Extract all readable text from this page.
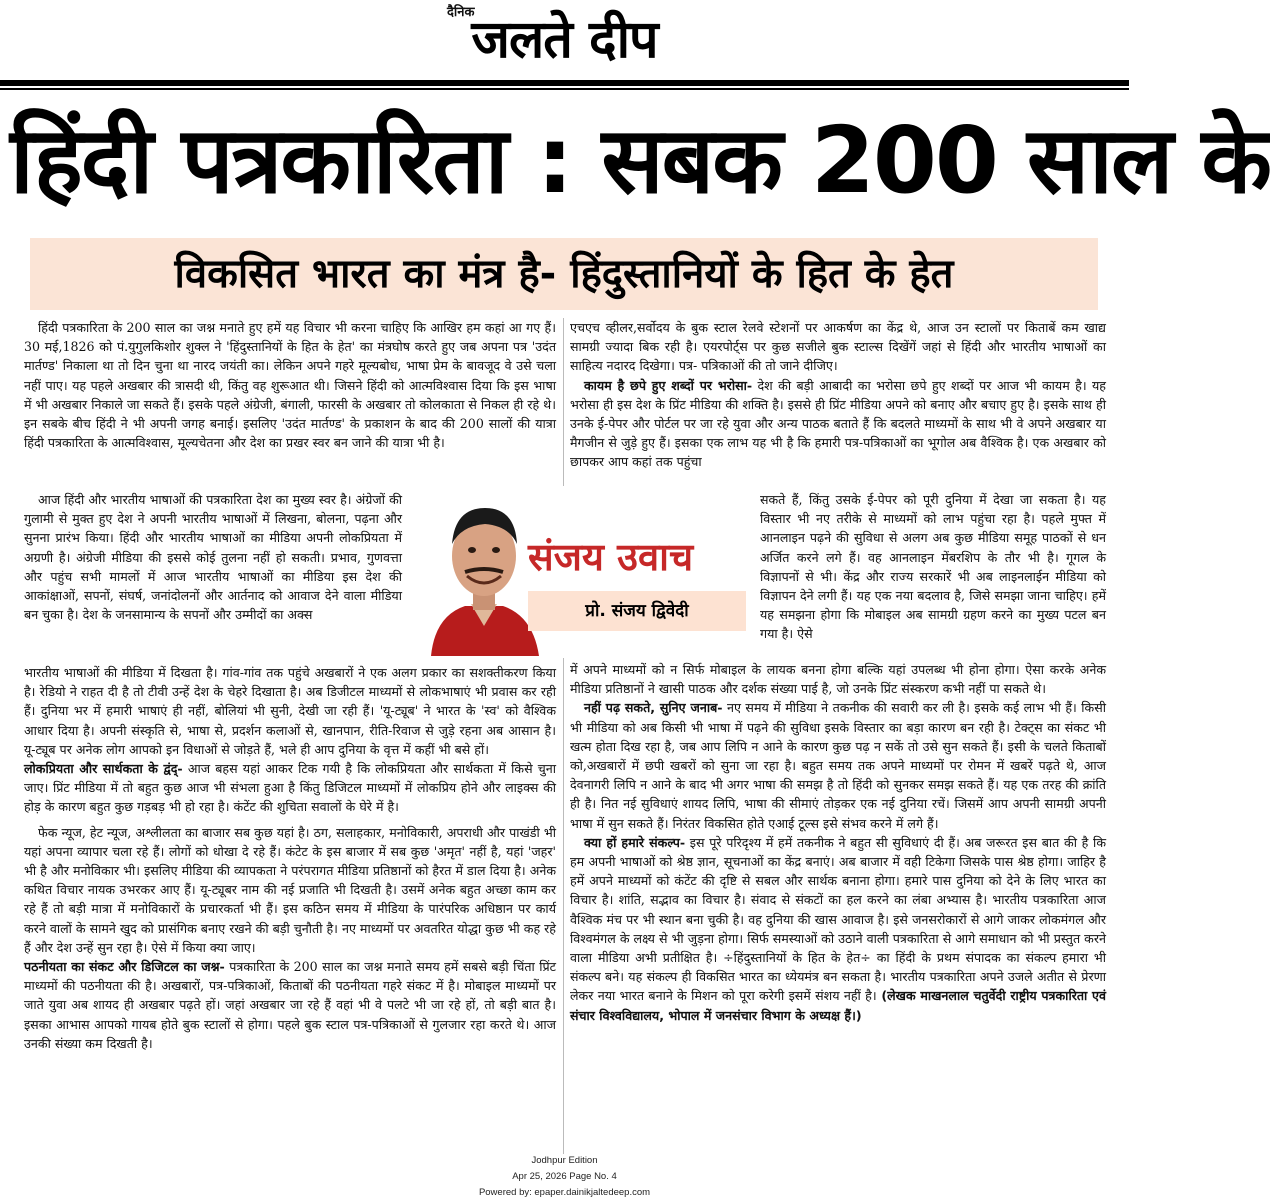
दैनिक
जलते दीप
हिंदी पत्रकारिता : सबक 200 साल के
विकसित भारत का मंत्र है- हिंदुस्तानियों के हित के हेत

हिंदी पत्रकारिता के 200 साल का जश्न मनाते हुए हमें यह विचार भी करना चाहिए कि आखिर हम कहां आ गए हैं। 30 मई,1826 को पं.युगुलकिशोर शुक्ल ने 'हिंदुस्तानियों के हित के हेत' का मंत्रघोष करते हुए जब अपना पत्र 'उदंत मार्तण्ड' निकाला था तो दिन चुना था नारद जयंती का। लेकिन अपने गहरे मूल्यबोध, भाषा प्रेम के बावजूद वे उसे चला नहीं पाए। यह पहले अखबार की त्रासदी थी, किंतु वह शुरूआत थी। जिसने हिंदी को आत्मविश्वास दिया कि इस भाषा में भी अखबार निकाले जा सकते हैं। इसके पहले अंग्रेजी, बंगाली, फारसी के अखबार तो कोलकाता से निकल ही रहे थे। इन सबके बीच हिंदी ने भी अपनी जगह बनाई। इसलिए 'उदंत मार्तण्ड' के प्रकाशन के बाद की 200 सालों की यात्रा हिंदी पत्रकारिता के आत्मविश्वास, मूल्यचेतना और देश का प्रखर स्वर बन जाने की यात्रा भी है।

आज हिंदी और भारतीय भाषाओं की पत्रकारिता देश का मुख्य स्वर है। अंग्रेजों की गुलामी से मुक्त हुए देश ने अपनी भारतीय भाषाओं में लिखना, बोलना, पढ़ना और सुनना प्रारंभ किया। हिंदी और भारतीय भाषाओं का मीडिया अपनी लोकप्रियता में अग्रणी है। अंग्रेजी मीडिया की इससे कोई तुलना नहीं हो सकती। प्रभाव, गुणवत्ता और पहुंच सभी मामलों में आज भारतीय भाषाओं का मीडिया इस देश की आकांक्षाओं, सपनों, संघर्ष, जनांदोलनों और आर्तनाद को आवाज देने वाला मीडिया बन चुका है। देश के जनसामान्य के सपनों और उम्मीदों का अक्स

भारतीय भाषाओं की मीडिया में दिखता है। गांव-गांव तक पहुंचे अखबारों ने एक अलग प्रकार का सशक्तीकरण किया है। रेडियो ने राहत दी है तो टीवी उन्हें देश के चेहरे दिखाता है। अब डिजीटल माध्यमों से लोकभाषाएं भी प्रवास कर रही हैं। दुनिया भर में हमारी भाषाएं ही नहीं, बोलियां भी सुनी, देखी जा रही हैं। 'यू-ट्यूब' ने भारत के 'स्व' को वैश्विक आधार दिया है। अपनी संस्कृति से, भाषा से, प्रदर्शन कलाओं से, खानपान, रीति-रिवाज से जुड़े रहना अब आसान है। यू-ट्यूब पर अनेक लोग आपको इन विधाओं से जोड़ते हैं, भले ही आप दुनिया के वृत्त में कहीं भी बसे हों।

लोकप्रियता और सार्थकता के द्वंद्- आज बहस यहां आकर टिक गयी है कि लोकप्रियता और सार्थकता में किसे चुना जाए। प्रिंट मीडिया में तो बहुत कुछ आज भी संभला हुआ है किंतु डिजिटल माध्यमों में लोकप्रिय होने और लाइक्स की होड़ के कारण बहुत कुछ गड़बड़ भी हो रहा है। कंटेंट की शुचिता सवालों के घेरे में है।

फेक न्यूज, हेट न्यूज, अश्लीलता का बाजार सब कुछ यहां है। ठग, सलाहकार, मनोविकारी, अपराधी और पाखंडी भी यहां अपना व्यापार चला रहे हैं। लोगों को धोखा दे रहे हैं। कंटेट के इस बाजार में सब कुछ 'अमृत' नहीं है, यहां 'जहर' भी है और मनोविकार भी। इसलिए मीडिया की व्यापकता ने परंपरागत मीडिया प्रतिष्ठानों को हैरत में डाल दिया है। अनेक कथित विचार नायक उभरकर आए हैं। यू-ट्यूबर नाम की नई प्रजाति भी दिखती है। उसमें अनेक बहुत अच्छा काम कर रहे हैं तो बड़ी मात्रा में मनोविकारों के प्रचारकर्ता भी हैं। इस कठिन समय में मीडिया के पारंपरिक अधिष्ठान पर कार्य करने वालों के सामने खुद को प्रासंगिक बनाए रखने की बड़ी चुनौती है। नए माध्यमों पर अवतरित योद्धा कुछ भी कह रहे हैं और देश उन्हें सुन रहा है। ऐसे में किया क्या जाए।

पठनीयता का संकट और डिजिटल का जश्न- पत्रकारिता के 200 साल का जश्न मनाते समय हमें सबसे बड़ी चिंता प्रिंट माध्यमों की पठनीयता की है। अखबारों, पत्र-पत्रिकाओं, किताबों की पठनीयता गहरे संकट में है। मोबाइल माध्यमों पर जाते युवा अब शायद ही अखबार पढ़ते हों। जहां अखबार जा रहे हैं वहां भी वे पलटे भी जा रहे हों, तो बड़ी बात है। इसका आभास आपको गायब होते बुक स्टालों से होगा। पहले बुक स्टाल पत्र-पत्रिकाओं से गुलजार रहा करते थे। आज उनकी संख्या कम दिखती है।

संजय उवाच
प्रो. संजय द्विवेदी

एचएच व्हीलर,सर्वोदय के बुक स्टाल रेलवे स्टेशनों पर आकर्षण का केंद्र थे, आज उन स्टालों पर किताबें कम खाद्य सामग्री ज्यादा बिक रही है। एयरपोर्ट्स पर कुछ सजीले बुक स्टाल्स दिखेंगें जहां से हिंदी और भारतीय भाषाओं का साहित्य नदारद दिखेगा। पत्र- पत्रिकाओं की तो जाने दीजिए।

कायम है छपे हुए शब्दों पर भरोसा- देश की बड़ी आबादी का भरोसा छपे हुए शब्दों पर आज भी कायम है। यह भरोसा ही इस देश के प्रिंट मीडिया की शक्ति है। इससे ही प्रिंट मीडिया अपने को बनाए और बचाए हुए है। इसके साथ ही उनके ई-पेपर और पोर्टल पर जा रहे युवा और अन्य पाठक बताते हैं कि बदलते माध्यमों के साथ भी वे अपने अखबार या मैगजीन से जुड़े हुए हैं। इसका एक लाभ यह भी है कि हमारी पत्र-पत्रिकाओं का भूगोल अब वैश्विक है। एक अखबार को छापकर आप कहां तक पहुंचा

सकते हैं, किंतु उसके ई-पेपर को पूरी दुनिया में देखा जा सकता है। यह विस्तार भी नए तरीके से माध्यमों को लाभ पहुंचा रहा है। पहले मुफ्त में आनलाइन पढ़ने की सुविधा से अलग अब कुछ मीडिया समूह पाठकों से धन अर्जित करने लगे हैं। वह आनलाइन मेंबरशिप के तौर भी है। गूगल के विज्ञापनों से भी। केंद्र और राज्य सरकारें भी अब लाइनलाईन मीडिया को विज्ञापन देने लगी हैं। यह एक नया बदलाव है, जिसे समझा जाना चाहिए। हमें यह समझना होगा कि मोबाइल अब सामग्री ग्रहण करने का मुख्य पटल बन गया है। ऐसे

में अपने माध्यमों को न सिर्फ मोबाइल के लायक बनना होगा बल्कि यहां उपलब्ध भी होना होगा। ऐसा करके अनेक मीडिया प्रतिष्ठानों ने खासी पाठक और दर्शक संख्या पाई है, जो उनके प्रिंट संस्करण कभी नहीं पा सकते थे।

नहीं पढ़ सकते, सुनिए जनाब- नए समय में मीडिया ने तकनीक की सवारी कर ली है। इसके कई लाभ भी हैं। किसी भी मीडिया को अब किसी भी भाषा में पढ़ने की सुविधा इसके विस्तार का बड़ा कारण बन रही है। टेक्ट्स का संकट भी खत्म होता दिख रहा है, जब आप लिपि न आने के कारण कुछ पढ़ न सकें तो उसे सुन सकते हैं। इसी के चलते किताबों को,अखबारों में छपी खबरों को सुना जा रहा है। बहुत समय तक अपने माध्यमों पर रोमन में खबरें पढ़ते थे, आज देवनागरी लिपि न आने के बाद भी अगर भाषा की समझ है तो हिंदी को सुनकर समझ सकते हैं। यह एक तरह की क्रांति ही है। नित नई सुविधाएं शायद लिपि, भाषा की सीमाएं तोड़कर एक नई दुनिया रचें। जिसमें आप अपनी सामग्री अपनी भाषा में सुन सकते हैं। निरंतर विकसित होते एआई टूल्स इसे संभव करने में लगे हैं।

क्या हों हमारे संकल्प- इस पूरे परिदृश्य में हमें तकनीक ने बहुत सी सुविधाएं दी हैं। अब जरूरत इस बात की है कि हम अपनी भाषाओं को श्रेष्ठ ज्ञान, सूचनाओं का केंद्र बनाएं। अब बाजार में वही टिकेगा जिसके पास श्रेष्ठ होगा। जाहिर है हमें अपने माध्यमों को कंटेंट की दृष्टि से सबल और सार्थक बनाना होगा। हमारे पास दुनिया को देने के लिए भारत का विचार है। शांति, सद्भाव का विचार है। संवाद से संकटों का हल करने का लंबा अभ्यास है। भारतीय पत्रकारिता आज वैश्विक मंच पर भी स्थान बना चुकी है। वह दुनिया की खास आवाज है। इसे जनसरोकारों से आगे जाकर लोकमंगल और विश्वमंगल के लक्ष्य से भी जुड़ना होगा। सिर्फ समस्याओं को उठाने वाली पत्रकारिता से आगे समाधान को भी प्रस्तुत करने वाला मीडिया अभी प्रतीक्षित है। ÷हिंदुस्तानियों के हित के हेत÷ का हिंदी के प्रथम संपादक का संकल्प हमारा भी संकल्प बने। यह संकल्प ही विकसित भारत का ध्येयमंत्र बन सकता है। भारतीय पत्रकारिता अपने उजले अतीत से प्रेरणा लेकर नया भारत बनाने के मिशन को पूरा करेगी इसमें संशय नहीं है। (लेखक माखनलाल चतुर्वेदी राष्ट्रीय पत्रकारिता एवं संचार विश्वविद्यालय, भोपाल में जनसंचार विभाग के अध्यक्ष हैं।)

Jodhpur Edition
Apr 25, 2026 Page No. 4
Powered by: epaper.dainikjaltedeep.com
